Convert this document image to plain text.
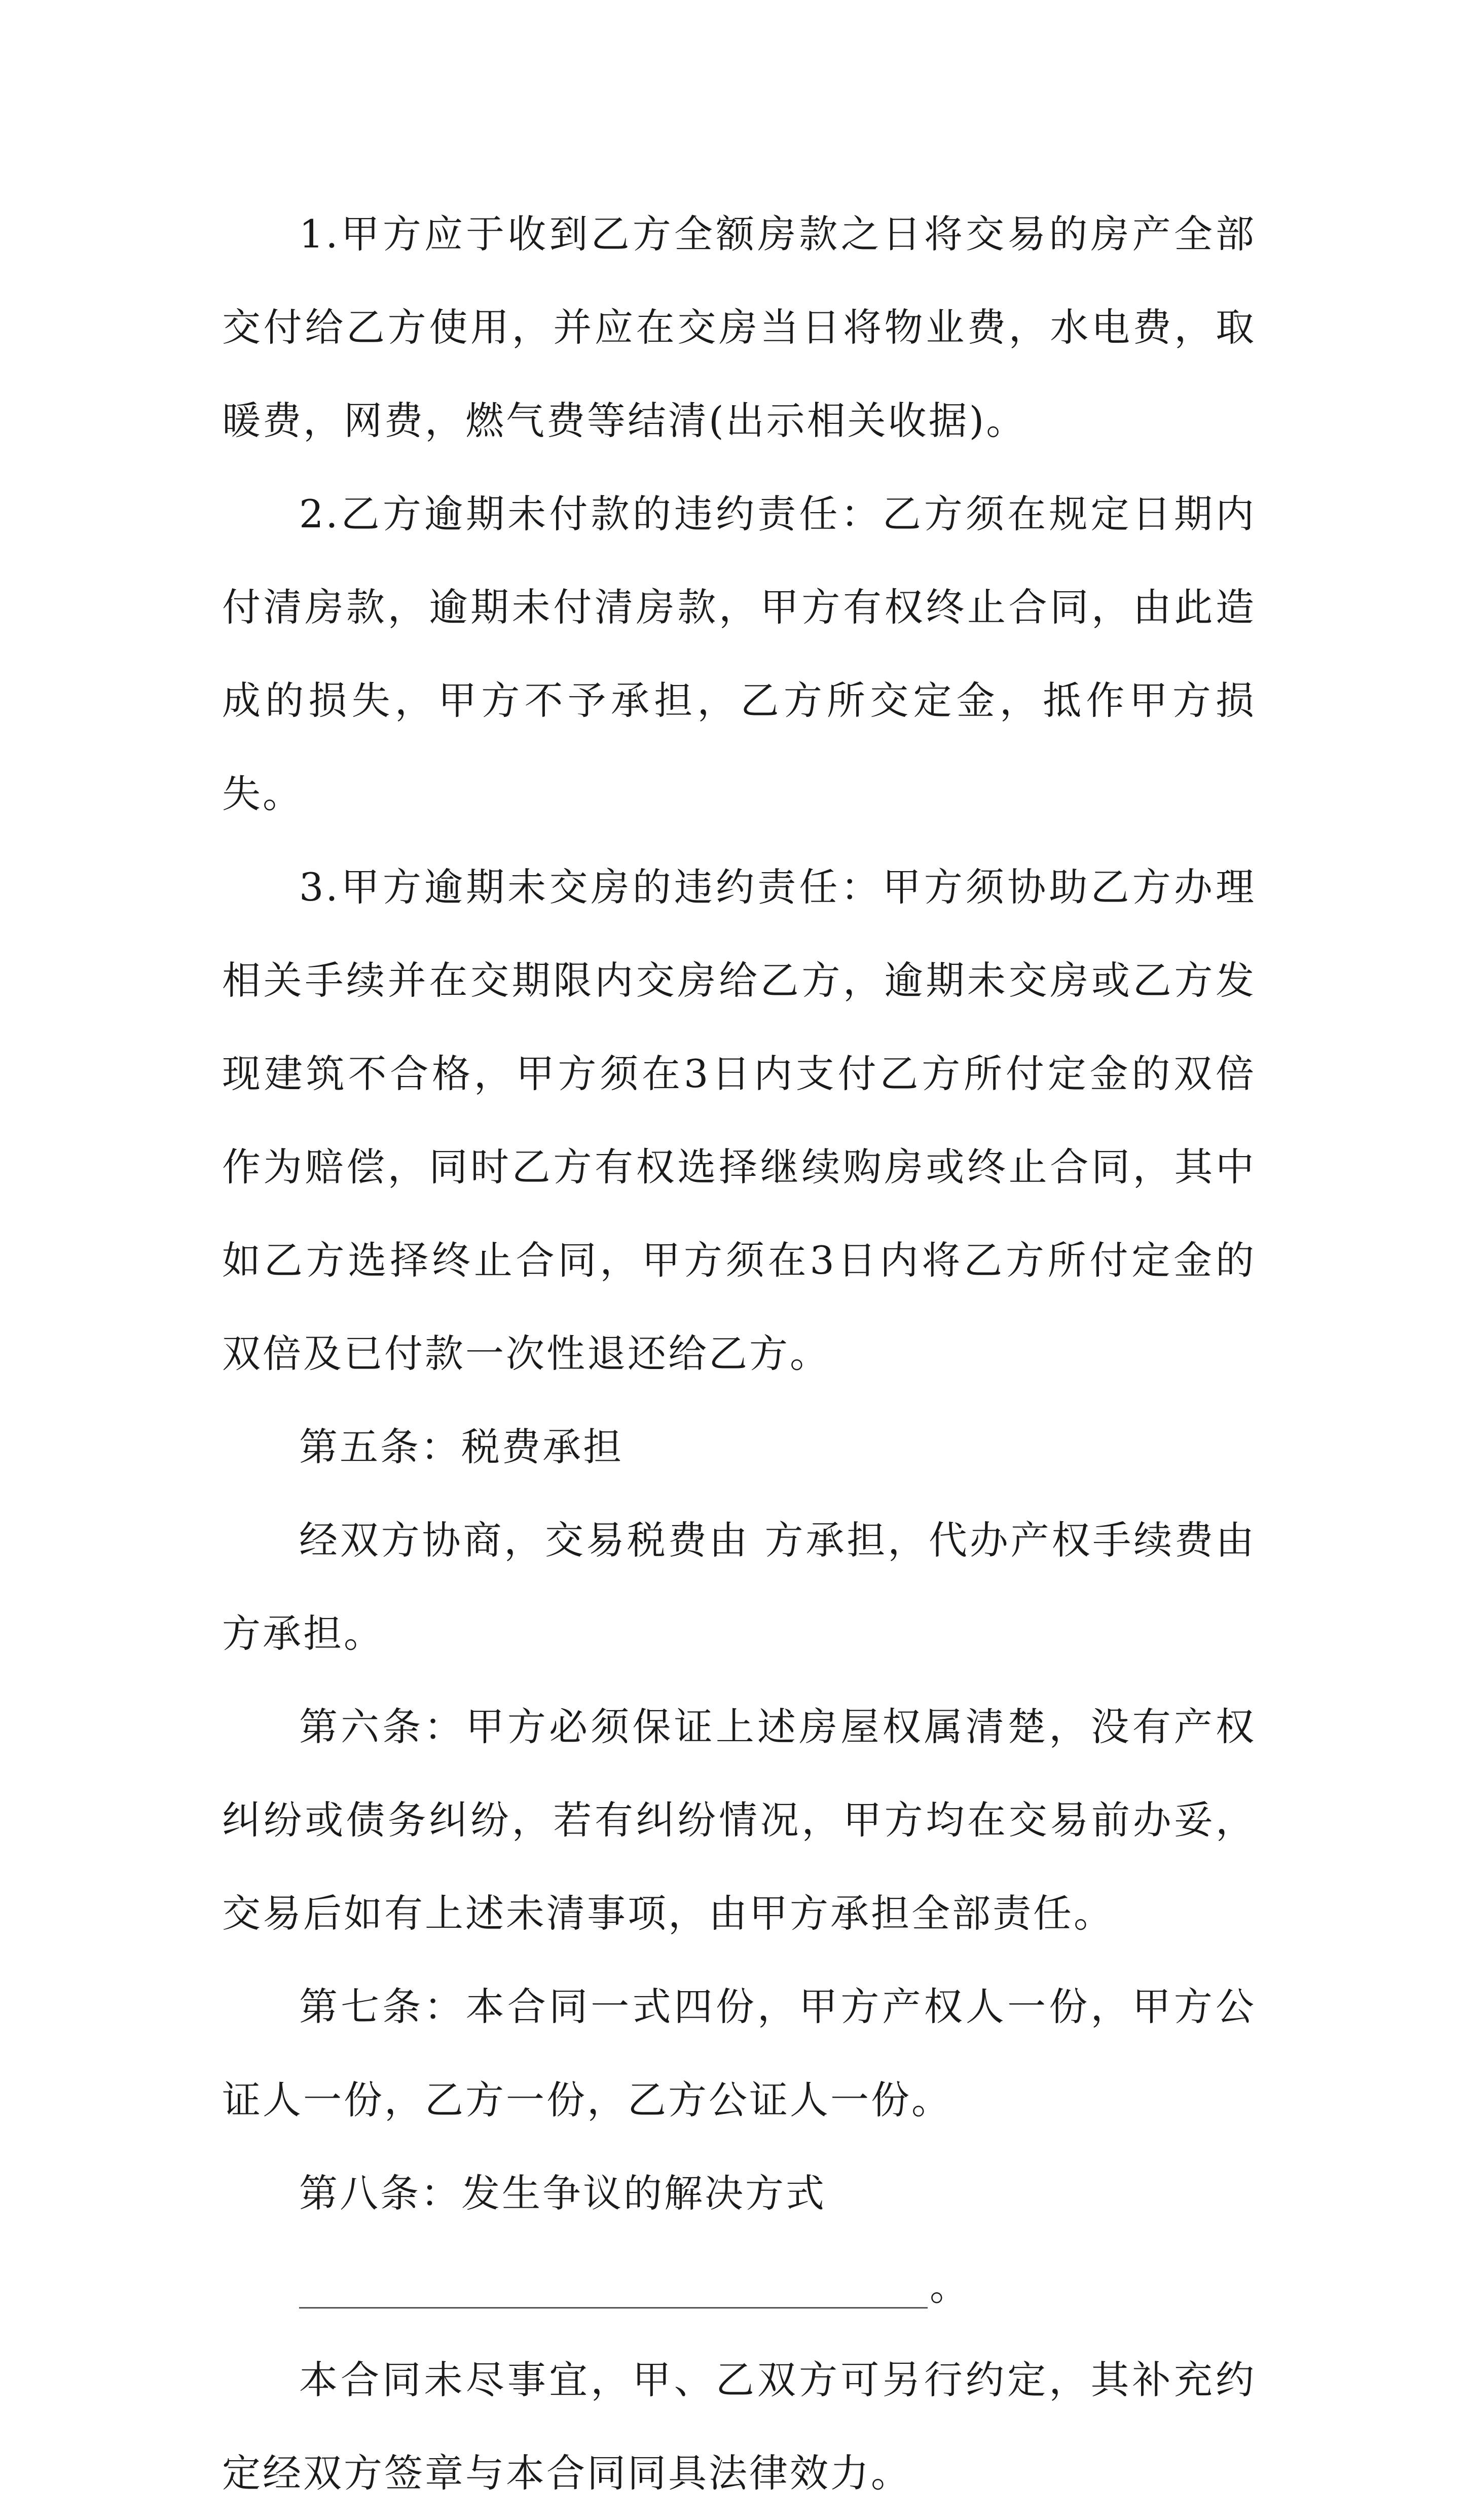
1.甲方应于收到乙方全额房款之日将交易的房产全部交付给乙方使用，并应在交房当日将物业费，水电费，取暖费，网费，燃气费等结清(出示相关收据)。

2.乙方逾期未付款的违约责任：乙方须在规定日期内付清房款，逾期未付清房款，甲方有权终止合同，由此造成的损失，甲方不予承担，乙方所交定金，抵作甲方损失。

3.甲方逾期未交房的违约责任：甲方须协助乙方办理相关手续并在交期限内交房给乙方，逾期未交房或乙方发现建筑不合格，甲方须在3日内支付乙方所付定金的双倍作为赔偿，同时乙方有权选择继续购房或终止合同，其中如乙方选择终止合同，甲方须在3日内将乙方所付定金的双倍及已付款一次性退还给乙方。

第五条：税费承担

经双方协商，交易税费由 方承担，代办产权手续费由 方承担。

第六条：甲方必须保证上述房屋权属清楚，没有产权纠纷或债务纠纷，若有纠纷情况，甲方均在交易前办妥，交易后如有上述未清事项，由甲方承担全部责任。

第七条：本合同一式四份，甲方产权人一份，甲方公证人一份，乙方一份，乙方公证人一份。

第八条：发生争议的解决方式

。

本合同未尽事宜，甲、乙双方可另行约定，其补充约定经双方签章与本合同同具法律效力。
